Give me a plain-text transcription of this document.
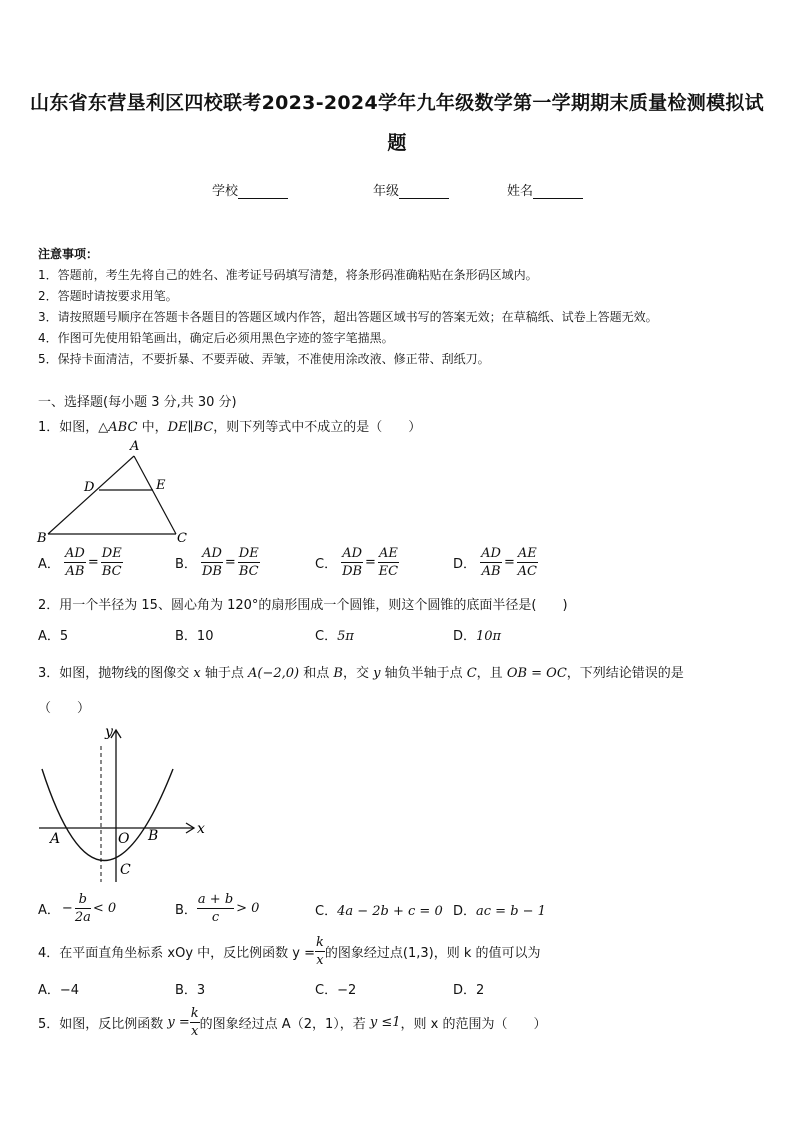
山东省东营垦利区四校联考2023-2024学年九年级数学第一学期期末质量检测模拟试
题
学校	年级	姓名
注意事项：
1．答题前，考生先将自己的姓名、准考证号码填写清楚，将条形码准确粘贴在条形码区域内。
2．答题时请按要求用笔。
3．请按照题号顺序在答题卡各题目的答题区域内作答，超出答题区域书写的答案无效；在草稿纸、试卷上答题无效。
4．作图可先使用铅笔画出，确定后必须用黑色字迹的签字笔描黑。
5．保持卡面清洁，不要折暴、不要弄破、弄皱，不准使用涂改液、修正带、刮纸刀。
一、选择题(每小题 3 分,共 30 分)
1．如图，△ABC 中，DE∥BC，则下列等式中不成立的是（　　）
A
D	E
B	C
A． $\frac{AD}{AB} = \frac{DE}{BC}$	B． $\frac{AD}{DB} = \frac{DE}{BC}$	C． $\frac{AD}{DB} = \frac{AE}{EC}$	D． $\frac{AD}{AB} = \frac{AE}{AC}$
2．用一个半径为 15、圆心角为 120°的扇形围成一个圆锥，则这个圆锥的底面半径是(　　)
A．5	B．10	C．5π	D．10π
3．如图，抛物线的图像交 x 轴于点 A(−2,0) 和点 B，交 y 轴负半轴于点 C，且 OB = OC，下列结论错误的是
（　　）
y
x
A	O B
C
A． − $\frac{b}{2a} < 0$	B． $\frac{a + b}{c} > 0$	C．4a − 2b + c = 0 D．ac = b − 1
4．在平面直角坐标系 xOy 中，反比例函数 $y = \frac{k}{x}$ 的图象经过点(1,3)，则 k 的值可以为
A．−4	B．3	C．−2	D．2
5．如图，反比例函数 $y = \frac{k}{x}$ 的图象经过点 A（2，1），若 y ≤1，则 x 的范围为（　　）
